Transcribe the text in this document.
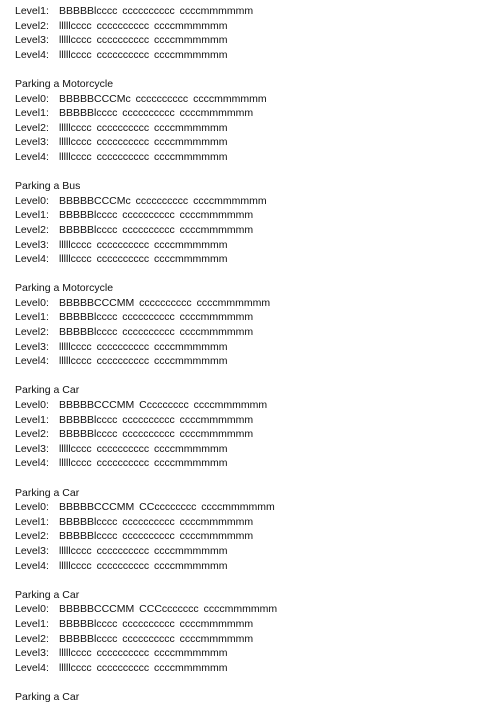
Level1: BBBBBlcccc cccccccccc ccccmmmmmm
Level2: lllllcccc cccccccccc ccccmmmmmm
Level3: lllllcccc cccccccccc ccccmmmmmm
Level4: lllllcccc cccccccccc ccccmmmmmm
Parking a Motorcycle
Level0: BBBBBCCCMc cccccccccc ccccmmmmmm
Level1: BBBBBlcccc cccccccccc ccccmmmmmm
Level2: lllllcccc cccccccccc ccccmmmmmm
Level3: lllllcccc cccccccccc ccccmmmmmm
Level4: lllllcccc cccccccccc ccccmmmmmm
Parking a Bus
Level0: BBBBBCCCMc cccccccccc ccccmmmmmm
Level1: BBBBBlcccc cccccccccc ccccmmmmmm
Level2: BBBBBlcccc cccccccccc ccccmmmmmm
Level3: lllllcccc cccccccccc ccccmmmmmm
Level4: lllllcccc cccccccccc ccccmmmmmm
Parking a Motorcycle
Level0: BBBBBCCCMM cccccccccc ccccmmmmmm
Level1: BBBBBlcccc cccccccccc ccccmmmmmm
Level2: BBBBBlcccc cccccccccc ccccmmmmmm
Level3: lllllcccc cccccccccc ccccmmmmmm
Level4: lllllcccc cccccccccc ccccmmmmmm
Parking a Car
Level0: BBBBBCCCMM Ccccccccc ccccmmmmmm
Level1: BBBBBlcccc cccccccccc ccccmmmmmm
Level2: BBBBBlcccc cccccccccc ccccmmmmmm
Level3: lllllcccc cccccccccc ccccmmmmmm
Level4: lllllcccc cccccccccc ccccmmmmmm
Parking a Car
Level0: BBBBBCCCMM CCcccccccc ccccmmmmmm
Level1: BBBBBlcccc cccccccccc ccccmmmmmm
Level2: BBBBBlcccc cccccccccc ccccmmmmmm
Level3: lllllcccc cccccccccc ccccmmmmmm
Level4: lllllcccc cccccccccc ccccmmmmmm
Parking a Car
Level0: BBBBBCCCMM CCCccccccc ccccmmmmmm
Level1: BBBBBlcccc cccccccccc ccccmmmmmm
Level2: BBBBBlcccc cccccccccc ccccmmmmmm
Level3: lllllcccc cccccccccc ccccmmmmmm
Level4: lllllcccc cccccccccc ccccmmmmmm
Parking a Car
